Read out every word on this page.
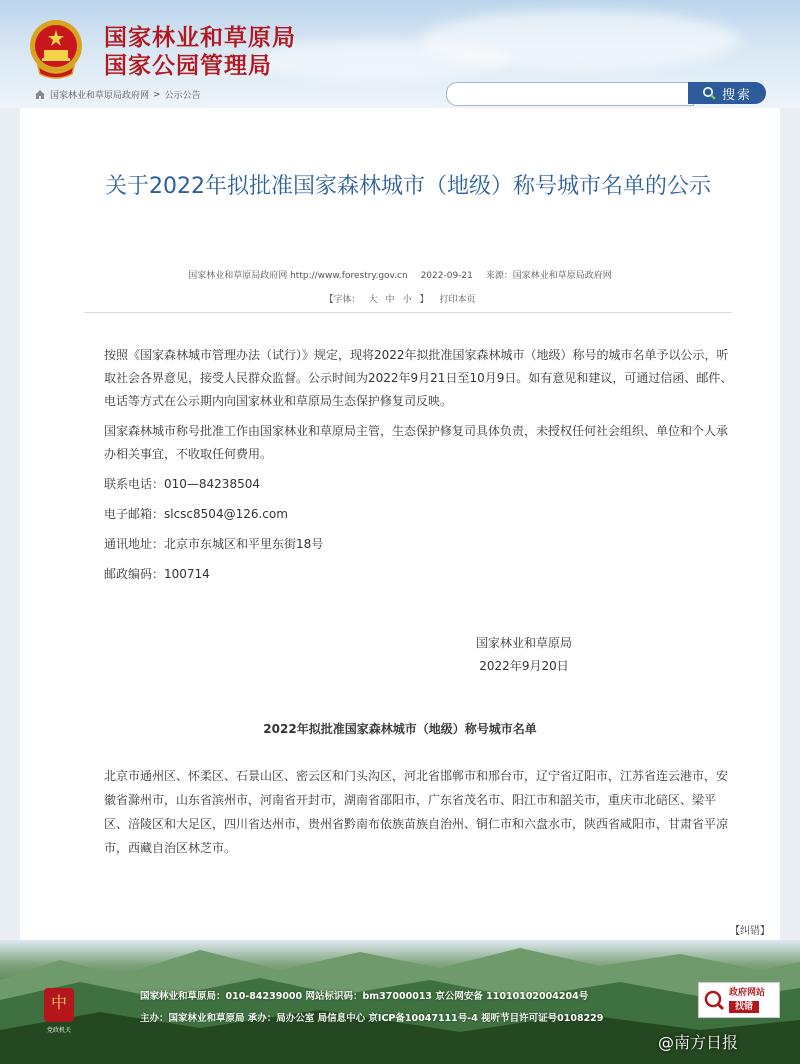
国家林业和草原局
国家公园管理局
国家林业和草原局政府网 > 公示公告	搜索
关于2022年拟批准国家森林城市（地级）称号城市名单的公示
国家林业和草原局政府网 http://www.forestry.gov.cn 2022-09-21 来源：国家林业和草原局政府网
【字体： 大 中 小 】 打印本页

按照《国家森林城市管理办法（试行）》规定，现将2022年拟批准国家森林城市（地级）称号的城市名单予以公示，听取社会各界意见，接受人民群众监督。公示时间为2022年9月21日至10月9日。如有意见和建议，可通过信函、邮件、电话等方式在公示期内向国家林业和草原局生态保护修复司反映。

国家森林城市称号批准工作由国家林业和草原局主管，生态保护修复司具体负责，未授权任何社会组织、单位和个人承办相关事宜，不收取任何费用。

联系电话：010—84238504

电子邮箱：slcsc8504@126.com

通讯地址：北京市东城区和平里东街18号

邮政编码：100714

国家林业和草原局
2022年9月20日
2022年拟批准国家森林城市（地级）称号城市名单
北京市通州区、怀柔区、石景山区、密云区和门头沟区，河北省邯郸市和邢台市，辽宁省辽阳市，江苏省连云港市，安徽省滁州市，山东省滨州市，河南省开封市，湖南省邵阳市，广东省茂名市、阳江市和韶关市，重庆市北碚区、梁平区、涪陵区和大足区，四川省达州市，贵州省黔南布依族苗族自治州、铜仁市和六盘水市，陕西省咸阳市，甘肃省平凉市，西藏自治区林芝市。
【纠错】
中
党政机关
国家林业和草原局：010-84239000 网站标识码：bm37000013 京公网安备 11010102004204号
主办：国家林业和草原局 承办：局办公室 局信息中心 京ICP备10047111号-4 视听节目许可证号0108229
政府网站
找错
@南方日报
